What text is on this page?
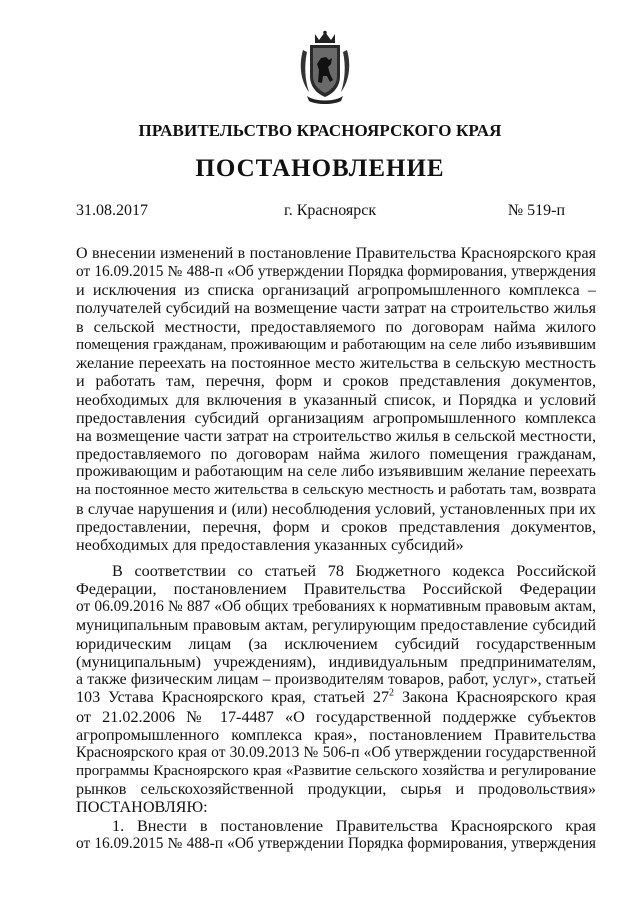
ПРАВИТЕЛЬСТВО КРАСНОЯРСКОГО КРАЯ
ПОСТАНОВЛЕНИЕ
31.08.2017	г. Красноярск	№ 519-п
О внесении изменений в постановление Правительства Красноярского края
от 16.09.2015 № 488-п «Об утверждении Порядка формирования, утверждения
и исключения из списка организаций агропромышленного комплекса –
получателей субсидий на возмещение части затрат на строительство жилья
в сельской местности, предоставляемого по договорам найма жилого
помещения гражданам, проживающим и работающим на селе либо изъявившим
желание переехать на постоянное место жительства в сельскую местность
и работать там, перечня, форм и сроков представления документов,
необходимых для включения в указанный список, и Порядка и условий
предоставления субсидий организациям агропромышленного комплекса
на возмещение части затрат на строительство жилья в сельской местности,
предоставляемого по договорам найма жилого помещения гражданам,
проживающим и работающим на селе либо изъявившим желание переехать
на постоянное место жительства в сельскую местность и работать там, возврата
в случае нарушения и (или) несоблюдения условий, установленных при их
предоставлении, перечня, форм и сроков представления документов,
необходимых для предоставления указанных субсидий»
В соответствии со статьей 78 Бюджетного кодекса Российской
Федерации, постановлением Правительства Российской Федерации
от 06.09.2016 № 887 «Об общих требованиях к нормативным правовым актам,
муниципальным правовым актам, регулирующим предоставление субсидий
юридическим лицам (за исключением субсидий государственным
(муниципальным) учреждениям), индивидуальным предпринимателям,
а также физическим лицам – производителям товаров, работ, услуг», статьей
103 Устава Красноярского края, статьей $27^2$ Закона Красноярского края
от 21.02.2006 № 17-4487 «О государственной поддержке субъектов
агропромышленного комплекса края», постановлением Правительства
Красноярского края от 30.09.2013 № 506-п «Об утверждении государственной
программы Красноярского края «Развитие сельского хозяйства и регулирование
рынков сельскохозяйственной продукции, сырья и продовольствия»
ПОСТАНОВЛЯЮ:
1. Внести в постановление Правительства Красноярского края
от 16.09.2015 № 488-п «Об утверждении Порядка формирования, утверждения
